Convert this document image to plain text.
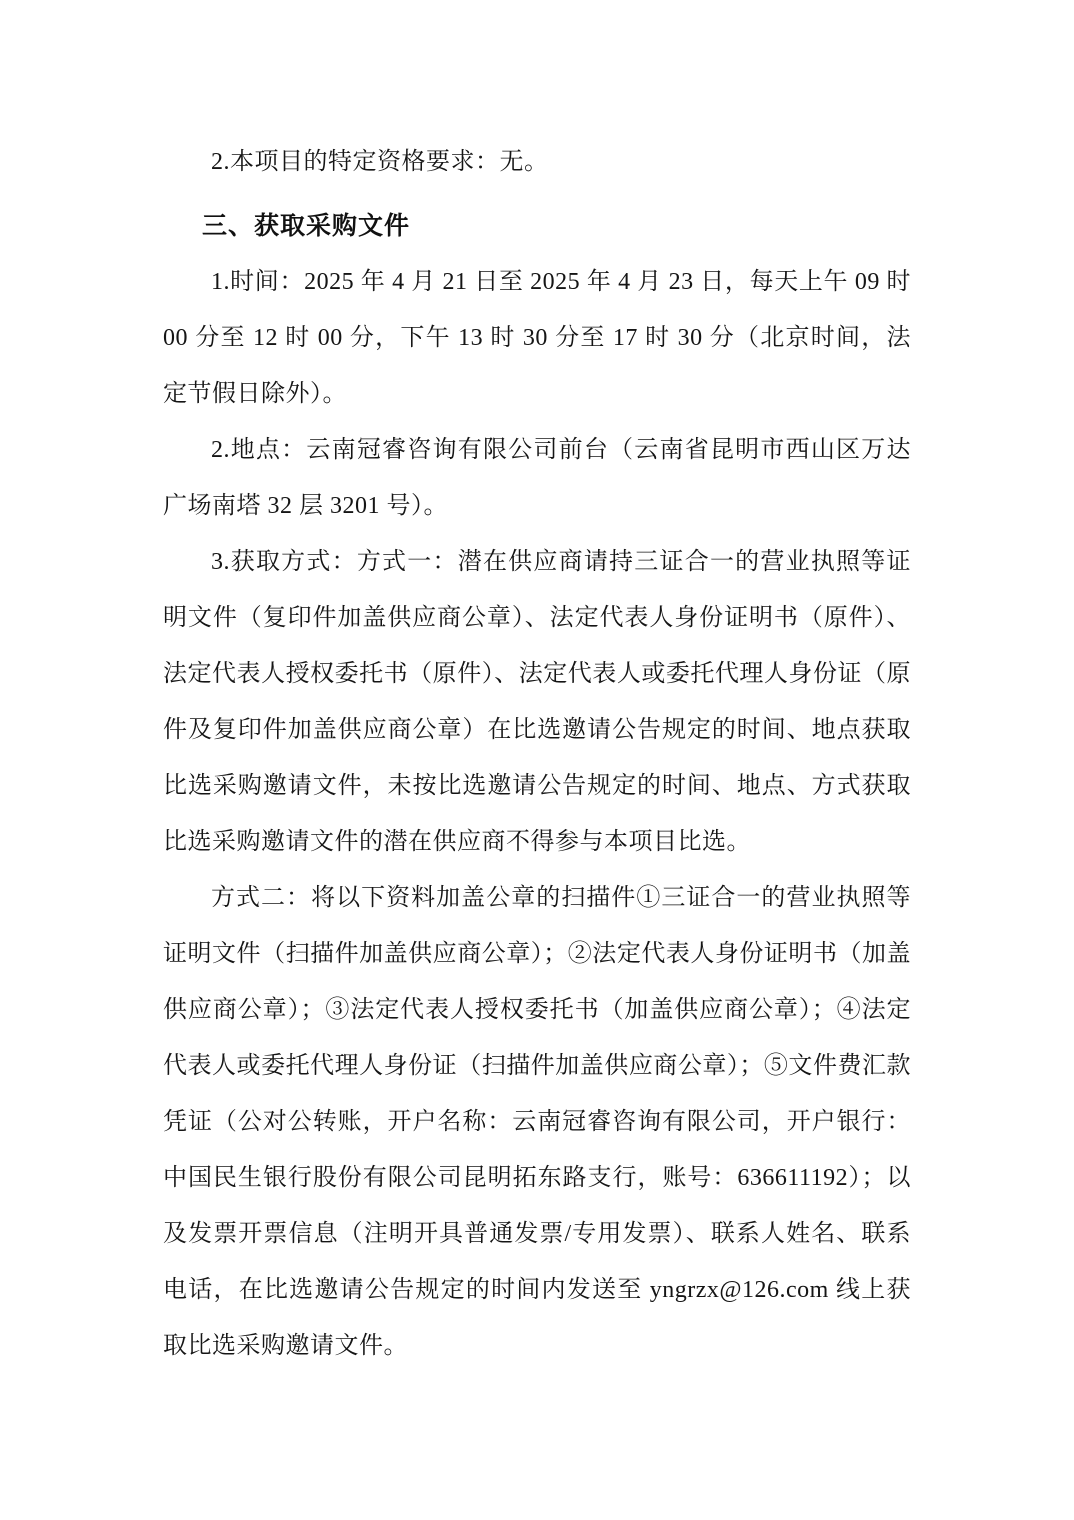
2.本项目的特定资格要求：无。

三、获取采购文件

1.时间：2025 年 4 月 21 日至 2025 年 4 月 23 日，每天上午 09 时 00 分至 12 时 00 分，下午 13 时 30 分至 17 时 30 分（北京时间，法定节假日除外）。

2.地点：云南冠睿咨询有限公司前台（云南省昆明市西山区万达广场南塔 32 层 3201 号）。

3.获取方式：方式一：潜在供应商请持三证合一的营业执照等证明文件（复印件加盖供应商公章）、法定代表人身份证明书（原件）、法定代表人授权委托书（原件）、法定代表人或委托代理人身份证（原件及复印件加盖供应商公章）在比选邀请公告规定的时间、地点获取比选采购邀请文件，未按比选邀请公告规定的时间、地点、方式获取比选采购邀请文件的潜在供应商不得参与本项目比选。

方式二：将以下资料加盖公章的扫描件①三证合一的营业执照等证明文件（扫描件加盖供应商公章）；②法定代表人身份证明书（加盖供应商公章）；③法定代表人授权委托书（加盖供应商公章）；④法定代表人或委托代理人身份证（扫描件加盖供应商公章）；⑤文件费汇款凭证（公对公转账，开户名称：云南冠睿咨询有限公司，开户银行：中国民生银行股份有限公司昆明拓东路支行，账号：636611192）；以及发票开票信息（注明开具普通发票/专用发票）、联系人姓名、联系电话，在比选邀请公告规定的时间内发送至 yngrzx@126.com 线上获取比选采购邀请文件。
